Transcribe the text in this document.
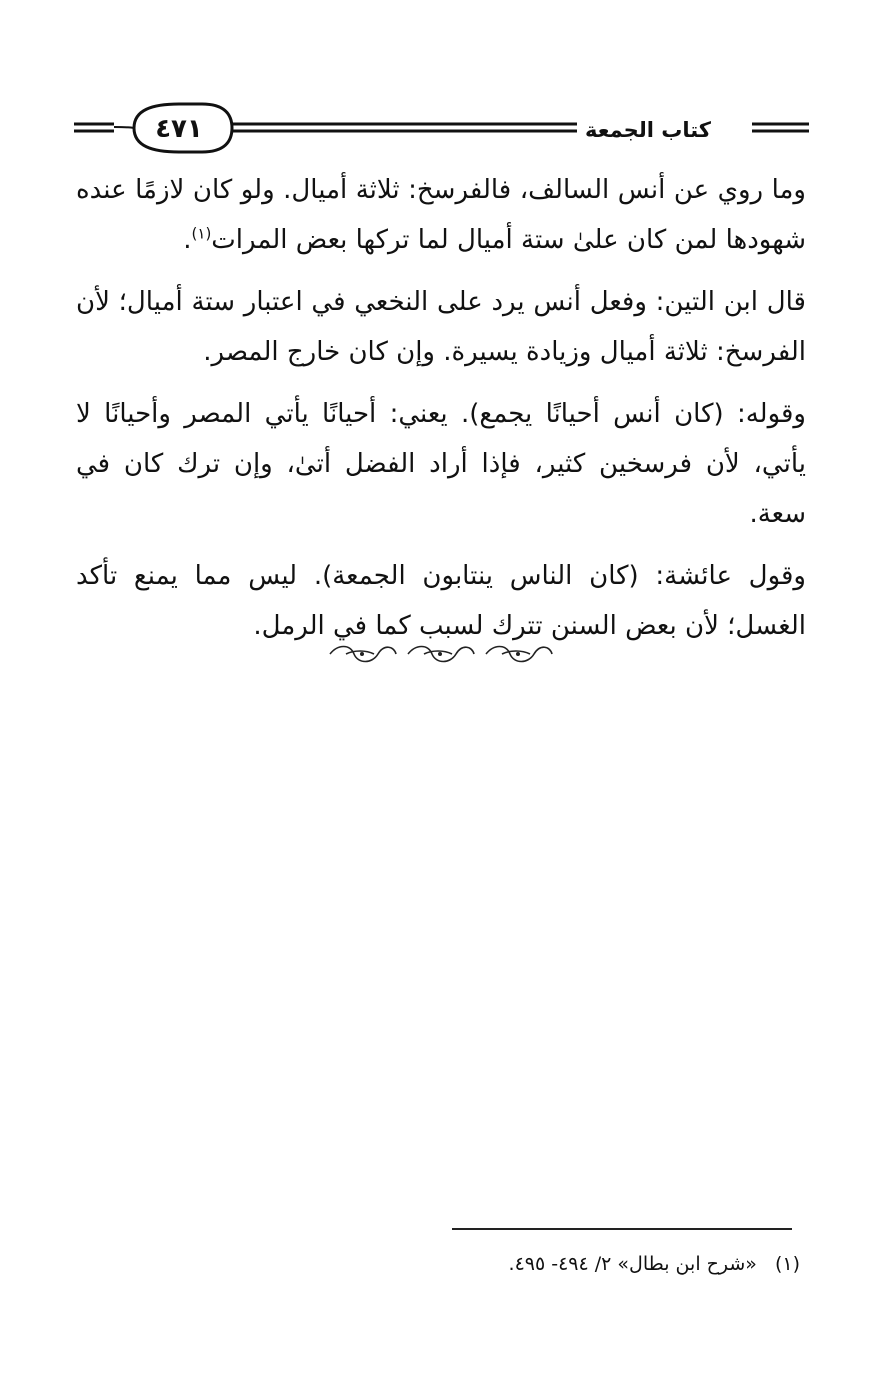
٤٧١	كتاب الجمعة

وما روي عن أنس السالف، فالفرسخ: ثلاثة أميال. ولو كان لازمًا عنده شهودها لمن كان علىٰ ستة أميال لما تركها بعض المرات$^{(١)}$.

قال ابن التين: وفعل أنس يرد على النخعي في اعتبار ستة أميال؛ لأن الفرسخ: ثلاثة أميال وزيادة يسيرة. وإن كان خارج المصر.

وقوله: (كان أنس أحيانًا يجمع). يعني: أحيانًا يأتي المصر وأحيانًا لا يأتي، لأن فرسخين كثير، فإذا أراد الفضل أتىٰ، وإن ترك كان في سعة.

وقول عائشة: (كان الناس ينتابون الجمعة). ليس مما يمنع تأكد الغسل؛ لأن بعض السنن تترك لسبب كما في الرمل.

(١)«شرح ابن بطال» ٢/ ٤٩٤- ٤٩٥.
